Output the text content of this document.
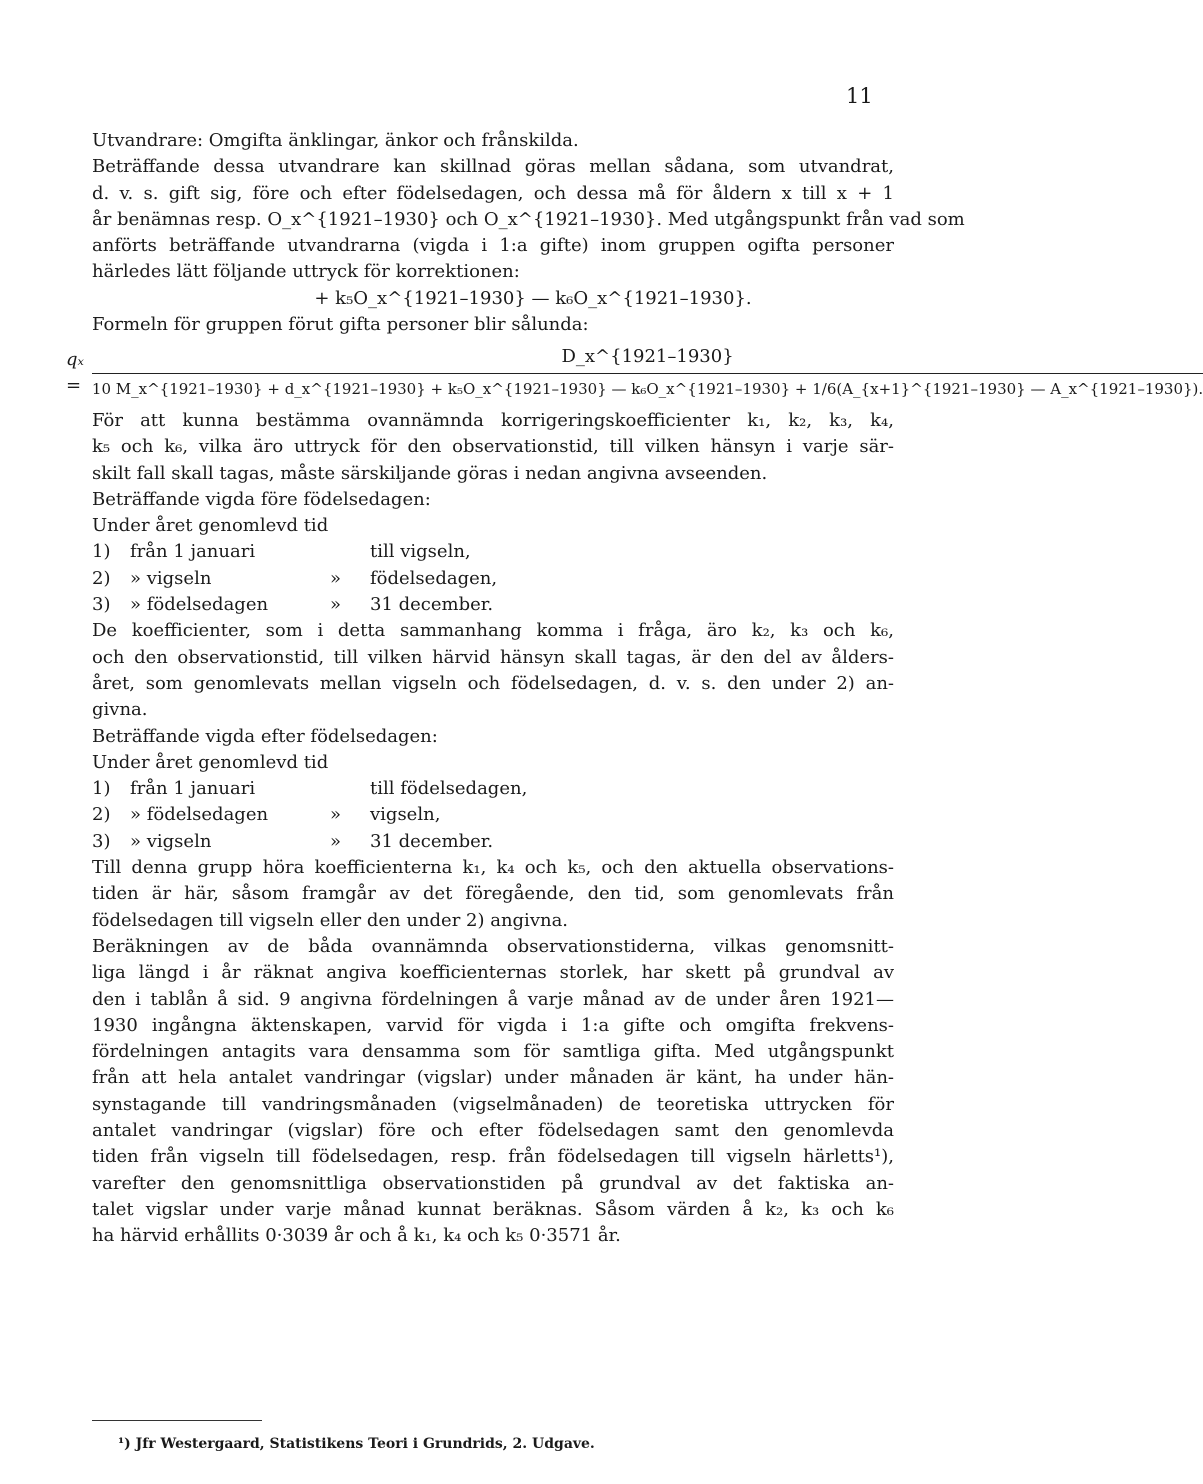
11
Utvandrare: Omgifta änklingar, änkor och frånskilda.
Beträffande dessa utvandrare kan skillnad göras mellan sådana, som utvandrat,
d. v. s. gift sig, före och efter födelsedagen, och dessa må för åldern x till x + 1
år benämnas resp. O_x^{1921–1930} och O_x^{1921–1930}. Med utgångspunkt från vad som
anförts beträffande utvandrarna (vigda i 1:a gifte) inom gruppen ogifta personer
härledes lätt följande uttryck för korrektionen:
+ k₅O_x^{1921–1930} — k₆O_x^{1921–1930}.
Formeln för gruppen förut gifta personer blir sålunda:
qₓ =
D_x^{1921–1930}
10 M_x^{1921–1930} + d_x^{1921–1930} + k₅O_x^{1921–1930} — k₆O_x^{1921–1930} + 1/6(A_{x+1}^{1921–1930} — A_x^{1921–1930}).
För att kunna bestämma ovannämnda korrigeringskoefficienter k₁, k₂, k₃, k₄,
k₅ och k₆, vilka äro uttryck för den observationstid, till vilken hänsyn i varje sär-
skilt fall skall tagas, måste särskiljande göras i nedan angivna avseenden.
Beträffande vigda före födelsedagen:
Under året genomlevd tid
1)	från 1 januari	till vigseln,
2)	» vigseln	»	födelsedagen,
3)	» födelsedagen	»	31 december.
De koefficienter, som i detta sammanhang komma i fråga, äro k₂, k₃ och k₆,
och den observationstid, till vilken härvid hänsyn skall tagas, är den del av ålders-
året, som genomlevats mellan vigseln och födelsedagen, d. v. s. den under 2) an-
givna.
Beträffande vigda efter födelsedagen:
Under året genomlevd tid
1)	från 1 januari	till födelsedagen,
2)	» födelsedagen	»	vigseln,
3)	» vigseln	»	31 december.
Till denna grupp höra koefficienterna k₁, k₄ och k₅, och den aktuella observations-
tiden är här, såsom framgår av det föregående, den tid, som genomlevats från
födelsedagen till vigseln eller den under 2) angivna.
Beräkningen av de båda ovannämnda observationstiderna, vilkas genomsnitt-
liga längd i år räknat angiva koefficienternas storlek, har skett på grundval av
den i tablån å sid. 9 angivna fördelningen å varje månad av de under åren 1921—
1930 ingångna äktenskapen, varvid för vigda i 1:a gifte och omgifta frekvens-
fördelningen antagits vara densamma som för samtliga gifta. Med utgångspunkt
från att hela antalet vandringar (vigslar) under månaden är känt, ha under hän-
synstagande till vandringsmånaden (vigselmånaden) de teoretiska uttrycken för
antalet vandringar (vigslar) före och efter födelsedagen samt den genomlevda
tiden från vigseln till födelsedagen, resp. från födelsedagen till vigseln härletts¹),
varefter den genomsnittliga observationstiden på grundval av det faktiska an-
talet vigslar under varje månad kunnat beräknas. Såsom värden å k₂, k₃ och k₆
ha härvid erhållits 0·3039 år och å k₁, k₄ och k₅ 0·3571 år.
¹) Jfr Westergaard, Statistikens Teori i Grundrids, 2. Udgave.
